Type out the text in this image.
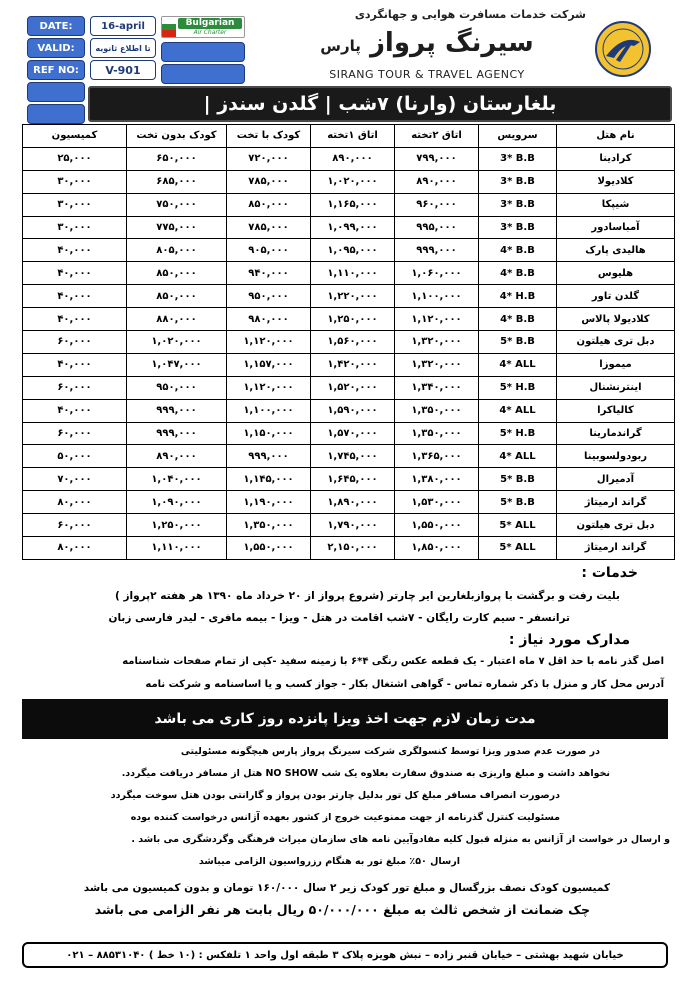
DATE:	16-april
VALID:	تا اطلاع ثانویه
REF NO:	V-901
Bulgarian
Air Charter
شرکت خدمات مسافرت هوایی و جهانگردی
سیرنگ پرواز پارس
SIRANG TOUR & TRAVEL AGENCY
بلغارستان (وارنا) ۷شب | گلدن سندز |
نام هتل	سرویس	اتاق ۲تخته	اتاق ۱تخته	کودک با تخت	کودک بدون تخت	کمیسیون
کرادینا	3* B.B	۷۹۹,۰۰۰	۸۹۰,۰۰۰	۷۲۰,۰۰۰	۶۵۰,۰۰۰	۲۵,۰۰۰
کلادیولا	3* B.B	۸۹۰,۰۰۰	۱,۰۲۰,۰۰۰	۷۸۵,۰۰۰	۶۸۵,۰۰۰	۳۰,۰۰۰
شیپکا	3* B.B	۹۶۰,۰۰۰	۱,۱۶۵,۰۰۰	۸۵۰,۰۰۰	۷۵۰,۰۰۰	۳۰,۰۰۰
آمباسادور	3* B.B	۹۹۵,۰۰۰	۱,۰۹۹,۰۰۰	۷۸۵,۰۰۰	۷۷۵,۰۰۰	۳۰,۰۰۰
هالیدی پارک	4* B.B	۹۹۹,۰۰۰	۱,۰۹۵,۰۰۰	۹۰۵,۰۰۰	۸۰۵,۰۰۰	۴۰,۰۰۰
هلیوس	4* B.B	۱,۰۶۰,۰۰۰	۱,۱۱۰,۰۰۰	۹۴۰,۰۰۰	۸۵۰,۰۰۰	۴۰,۰۰۰
گلدن تاور	4* H.B	۱,۱۰۰,۰۰۰	۱,۲۲۰,۰۰۰	۹۵۰,۰۰۰	۸۵۰,۰۰۰	۴۰,۰۰۰
کلادیولا پالاس	4* B.B	۱,۱۲۰,۰۰۰	۱,۲۵۰,۰۰۰	۹۸۰,۰۰۰	۸۸۰,۰۰۰	۴۰,۰۰۰
دبل تری هیلتون	5* B.B	۱,۳۲۰,۰۰۰	۱,۵۶۰,۰۰۰	۱,۱۲۰,۰۰۰	۱,۰۲۰,۰۰۰	۶۰,۰۰۰
میموزا	4* ALL	۱,۳۲۰,۰۰۰	۱,۴۲۰,۰۰۰	۱,۱۵۷,۰۰۰	۱,۰۴۷,۰۰۰	۴۰,۰۰۰
اینترنشنال	5* H.B	۱,۳۴۰,۰۰۰	۱,۵۲۰,۰۰۰	۱,۱۲۰,۰۰۰	۹۵۰,۰۰۰	۶۰,۰۰۰
کالیاکرا	4* ALL	۱,۳۵۰,۰۰۰	۱,۵۹۰,۰۰۰	۱,۱۰۰,۰۰۰	۹۹۹,۰۰۰	۴۰,۰۰۰
گراندمارینا	5* H.B	۱,۳۵۰,۰۰۰	۱,۵۷۰,۰۰۰	۱,۱۵۰,۰۰۰	۹۹۹,۰۰۰	۶۰,۰۰۰
ربودولسوبینا	4* ALL	۱,۳۶۵,۰۰۰	۱,۷۴۵,۰۰۰	۹۹۹,۰۰۰	۸۹۰,۰۰۰	۵۰,۰۰۰
آدمیرال	5* B.B	۱,۳۸۰,۰۰۰	۱,۶۴۵,۰۰۰	۱,۱۴۵,۰۰۰	۱,۰۴۰,۰۰۰	۷۰,۰۰۰
گراند ارمیتاژ	5* B.B	۱,۵۳۰,۰۰۰	۱,۸۹۰,۰۰۰	۱,۱۹۰,۰۰۰	۱,۰۹۰,۰۰۰	۸۰,۰۰۰
دبل تری هیلتون	5* ALL	۱,۵۵۰,۰۰۰	۱,۷۹۰,۰۰۰	۱,۳۵۰,۰۰۰	۱,۲۵۰,۰۰۰	۶۰,۰۰۰
گراند ارمیتاژ	5* ALL	۱,۸۵۰,۰۰۰	۲,۱۵۰,۰۰۰	۱,۵۵۰,۰۰۰	۱,۱۱۰,۰۰۰	۸۰,۰۰۰
خدمات :
بلیت رفت و برگشت با پروازبلغارین ایر چارتر (شروع پرواز از ۲۰ خرداد ماه ۱۳۹۰ هر هفته ۲پرواز )
ترانسفر - سیم کارت رایگان - ۷شب اقامت در هتل - ویزا - بیمه مافری - لیدر فارسی زبان
مدارک مورد نیاز :
اصل گذر نامه با حد اقل ۷ ماه اعتبار - یک قطعه عکس رنگی ۴*۶ با زمینه سفید -کپی از تمام صفحات شناسنامه
آدرس محل کار و منزل با ذکر شماره تماس - گواهی اشتغال بکار - جواز کسب و یا اساسنامه و شرکت نامه
مدت زمان لازم جهت اخذ ویزا پانزده روز کاری می باشد
در صورت عدم صدور ویزا توسط کنسولگری شرکت سیرنگ پرواز پارس هیچگونه مسئولیتی
نخواهد داشت و مبلغ واریزی به صندوق سفارت بعلاوه یک شب NO SHOW هتل از مسافر دریافت میگردد.
درصورت انصراف مسافر مبلغ کل تور بدلیل چارتر بودن پرواز و گارانتی بودن هتل سوخت میگردد
مسئولیت کنترل گذرنامه از جهت ممنوعیت خروج از کشور بعهده آژانس درخواست کننده بوده
و ارسال در خواست از آژانس به منزله قبول کلیه مفادوآیین نامه های سازمان میراث فرهنگی وگردشگری می باشد .
ارسال ۵۰٪ مبلغ تور به هنگام رزرواسیون الزامی میباشد
کمیسیون کودک نصف بزرگسال و مبلغ تور کودک زیر ۲ سال ۱۶۰/۰۰۰ تومان و بدون کمیسیون می باشد
چک ضمانت از شخص ثالث به مبلغ ۵۰/۰۰۰/۰۰۰ ریال بابت هر نفر الزامی می باشد
خیابان شهید بهشتی – خیابان قنبر زاده – نبش هویزه پلاک ۳ طبقه اول واحد ۱ تلفکس : (۱۰ خط ) ۸۸۵۳۱۰۴۰ – ۰۲۱
